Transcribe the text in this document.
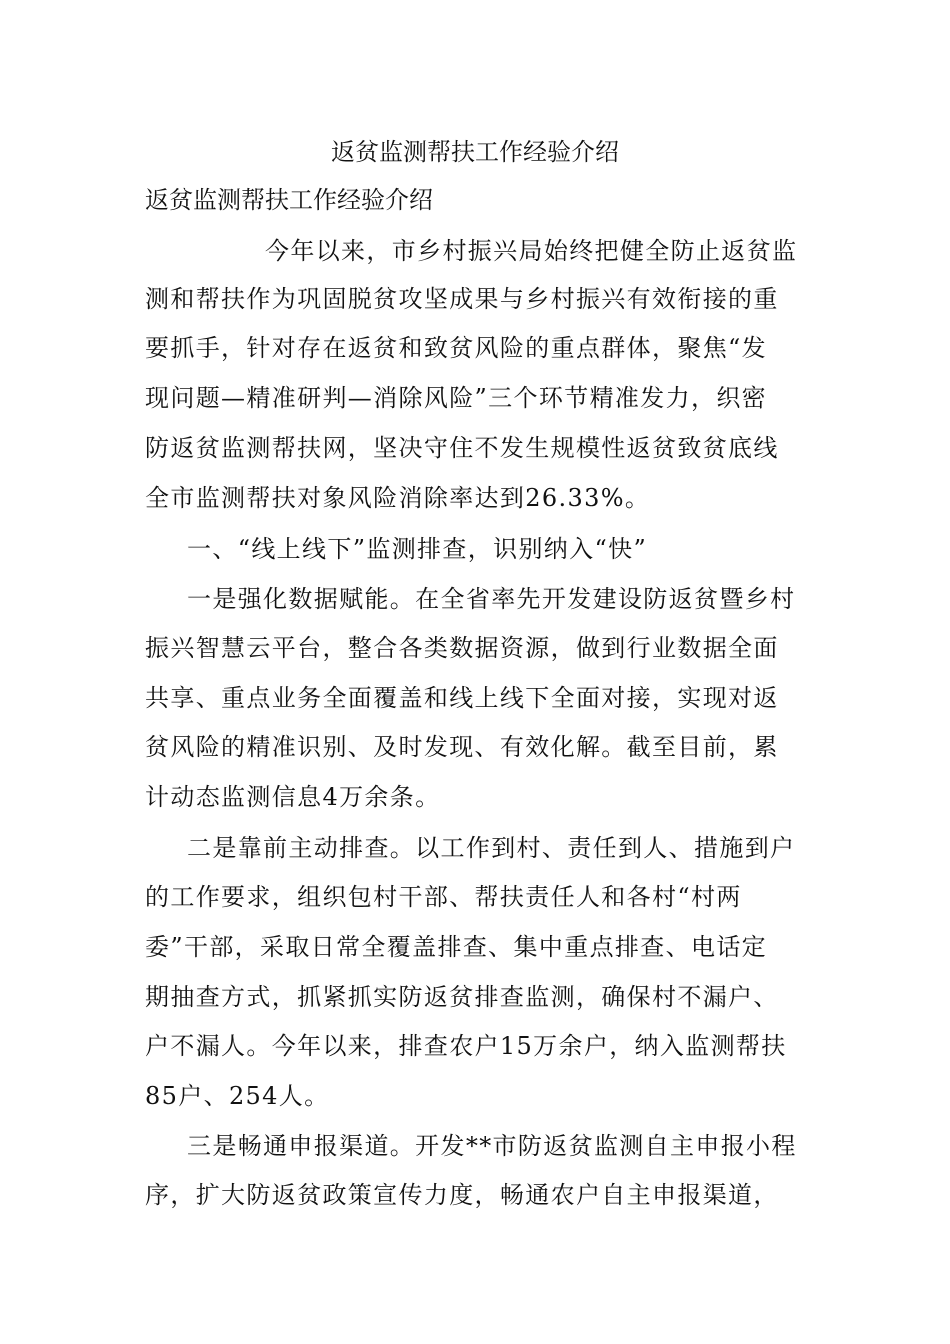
返贫监测帮扶工作经验介绍
返贫监测帮扶工作经验介绍
今年以来，市乡村振兴局始终把健全防止返贫监
测和帮扶作为巩固脱贫攻坚成果与乡村振兴有效衔接的重
要抓手，针对存在返贫和致贫风险的重点群体，聚焦“发
现问题—精准研判—消除风险”三个环节精准发力，织密
防返贫监测帮扶网，坚决守住不发生规模性返贫致贫底线
全市监测帮扶对象风险消除率达到26.33%。
一、“线上线下”监测排查，识别纳入“快”
一是强化数据赋能。在全省率先开发建设防返贫暨乡村
振兴智慧云平台，整合各类数据资源，做到行业数据全面
共享、重点业务全面覆盖和线上线下全面对接，实现对返
贫风险的精准识别、及时发现、有效化解。截至目前，累
计动态监测信息4万余条。
二是靠前主动排查。以工作到村、责任到人、措施到户
的工作要求，组织包村干部、帮扶责任人和各村“村两
委”干部，采取日常全覆盖排查、集中重点排查、电话定
期抽查方式，抓紧抓实防返贫排查监测，确保村不漏户、
户不漏人。今年以来，排查农户15万余户，纳入监测帮扶
85户、254人。
三是畅通申报渠道。开发**市防返贫监测自主申报小程
序，扩大防返贫政策宣传力度，畅通农户自主申报渠道，
